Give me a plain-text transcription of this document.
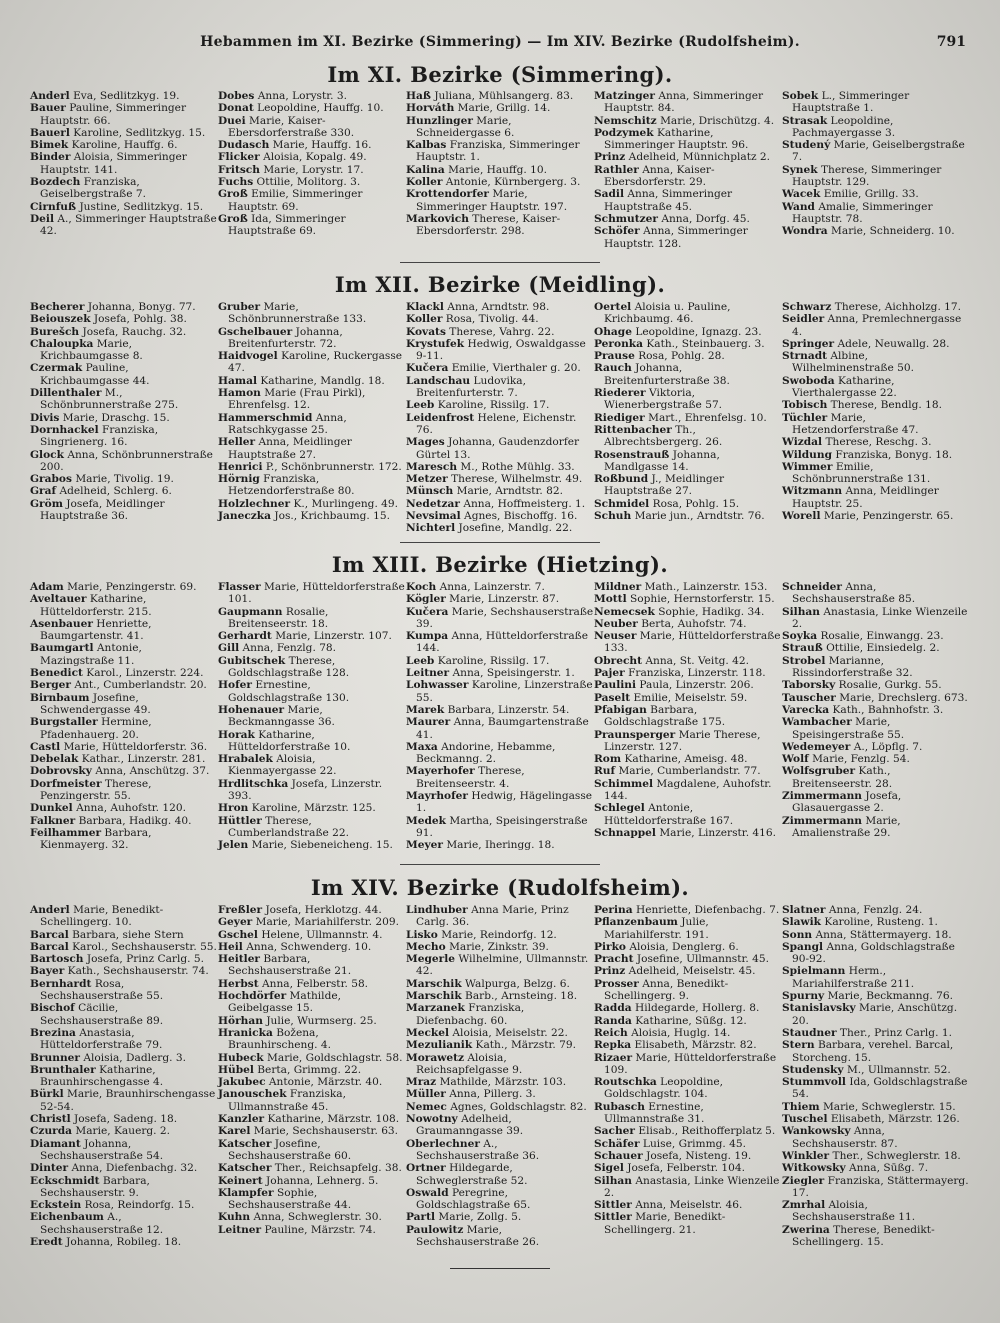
Hebammen im XI. Bezirke (Simmering) — Im XIV. Bezirke (Rudolfsheim).	791
Im XI. Bezirke (Simmering).
Anderl Eva, Sedlitzkyg. 19.
Bauer Pauline, Simmeringer Hauptstr. 66.
Bauerl Karoline, Sedlitzkyg. 15.
Bimek Karoline, Hauffg. 6.
Binder Aloisia, Simmeringer Hauptstr. 141.
Bozdech Franziska, Geiselbergstraße 7.
Cirnfuß Justine, Sedlitzkyg. 15.
Deil A., Simmeringer Hauptstraße 42.
Dobes Anna, Lorystr. 3.
Donat Leopoldine, Hauffg. 10.
Duei Marie, Kaiser-Ebersdorferstraße 330.
Dudasch Marie, Hauffg. 16.
Flicker Aloisia, Kopalg. 49.
Fritsch Marie, Lorystr. 17.
Fuchs Ottilie, Molitorg. 3.
Groß Emilie, Simmeringer Hauptstr. 69.
Groß Ida, Simmeringer Hauptstraße 69.
Haß Juliana, Mühlsangerg. 83.
Horváth Marie, Grillg. 14.
Hunzlinger Marie, Schneidergasse 6.
Kalbas Franziska, Simmeringer Hauptstr. 1.
Kalina Marie, Hauffg. 10.
Koller Antonie, Kürnbergerg. 3.
Krottendorfer Marie, Simmeringer Hauptstr. 197.
Markovich Therese, Kaiser-Ebersdorferstr. 298.
Matzinger Anna, Simmeringer Hauptstr. 84.
Nemschitz Marie, Drischützg. 4.
Podzymek Katharine, Simmeringer Hauptstr. 96.
Prinz Adelheid, Münnichplatz 2.
Rathler Anna, Kaiser-Ebersdorferstr. 29.
Sadil Anna, Simmeringer Hauptstraße 45.
Schmutzer Anna, Dorfg. 45.
Schöfer Anna, Simmeringer Hauptstr. 128.
Sobek L., Simmeringer Hauptstraße 1.
Strasak Leopoldine, Pachmayergasse 3.
Studený Marie, Geiselbergstraße 7.
Synek Therese, Simmeringer Hauptstr. 129.
Wacek Emilie, Grillg. 33.
Wand Amalie, Simmeringer Hauptstr. 78.
Wondra Marie, Schneiderg. 10.
Im XII. Bezirke (Meidling).
Becherer Johanna, Bonyg. 77.
Beiouszek Josefa, Pohlg. 38.
Burešch Josefa, Rauchg. 32.
Chaloupka Marie, Krichbaumgasse 8.
Czermak Pauline, Krichbaumgasse 44.
Dillenthaler M., Schönbrunnerstraße 275.
Divis Marie, Draschg. 15.
Dornhackel Franziska, Singrienerg. 16.
Glock Anna, Schönbrunnerstraße 200.
Grabos Marie, Tivolig. 19.
Graf Adelheid, Schlerg. 6.
Gröm Josefa, Meidlinger Hauptstraße 36.
Gruber Marie, Schönbrunnerstraße 133.
Gschelbauer Johanna, Breitenfurterstr. 72.
Haidvogel Karoline, Ruckergasse 47.
Hamal Katharine, Mandlg. 18.
Hamon Marie (Frau Pirkl), Ehrenfelsg. 12.
Hammerschmid Anna, Ratschkygasse 25.
Heller Anna, Meidlinger Hauptstraße 27.
Henrici P., Schönbrunnerstr. 172.
Hörnig Franziska, Hetzendorferstraße 80.
Holzlechner K., Murlingeng. 49.
Janeczka Jos., Krichbaumg. 15.
Klackl Anna, Arndtstr. 98.
Koller Rosa, Tivolig. 44.
Kovats Therese, Vahrg. 22.
Krystufek Hedwig, Oswaldgasse 9-11.
Kučera Emilie, Vierthaler g. 20.
Landschau Ludovika, Breitenfurterstr. 7.
Leeb Karoline, Rissilg. 17.
Leidenfrost Helene, Eichenstr. 76.
Mages Johanna, Gaudenzdorfer Gürtel 13.
Maresch M., Rothe Mühlg. 33.
Metzer Therese, Wilhelmstr. 49.
Münsch Marie, Arndtstr. 82.
Nedetzar Anna, Hoffmeisterg. 1.
Nevsimal Agnes, Bischoffg. 16.
Nichterl Josefine, Mandlg. 22.
Oertel Aloisia u. Pauline, Krichbaumg. 46.
Ohage Leopoldine, Ignazg. 23.
Peronka Kath., Steinbauerg. 3.
Prause Rosa, Pohlg. 28.
Rauch Johanna, Breitenfurterstraße 38.
Riederer Viktoria, Wienerbergstraße 57.
Riediger Mart., Ehrenfelsg. 10.
Rittenbacher Th., Albrechtsbergerg. 26.
Rosenstrauß Johanna, Mandlgasse 14.
Roßbund J., Meidlinger Hauptstraße 27.
Schmidel Rosa, Pohlg. 15.
Schuh Marie jun., Arndtstr. 76.
Schwarz Therese, Aichholzg. 17.
Seidler Anna, Premlechnergasse 4.
Springer Adele, Neuwallg. 28.
Strnadt Albine, Wilhelminenstraße 50.
Swoboda Katharine, Vierthalergasse 22.
Tobisch Therese, Bendlg. 18.
Tüchler Marie, Hetzendorferstraße 47.
Wizdal Therese, Reschg. 3.
Wildung Franziska, Bonyg. 18.
Wimmer Emilie, Schönbrunnerstraße 131.
Witzmann Anna, Meidlinger Hauptstr. 25.
Worell Marie, Penzingerstr. 65.
Im XIII. Bezirke (Hietzing).
Adam Marie, Penzingerstr. 69.
Aveltauer Katharine, Hütteldorferstr. 215.
Asenbauer Henriette, Baumgartenstr. 41.
Baumgartl Antonie, Mazingstraße 11.
Benedict Karol., Linzerstr. 224.
Berger Ant., Cumberlandstr. 20.
Birnbaum Josefine, Schwendergasse 49.
Burgstaller Hermine, Pfadenhauerg. 20.
Castl Marie, Hütteldorferstr. 36.
Debelak Kathar., Linzerstr. 281.
Dobrovsky Anna, Anschützg. 37.
Dorfmeister Therese, Penzingerstr. 55.
Dunkel Anna, Auhofstr. 120.
Falkner Barbara, Hadikg. 40.
Feilhammer Barbara, Kienmayerg. 32.
Flasser Marie, Hütteldorferstraße 101.
Gaupmann Rosalie, Breitenseerstr. 18.
Gerhardt Marie, Linzerstr. 107.
Gill Anna, Fenzlg. 78.
Gubitschek Therese, Goldschlagstraße 128.
Hofer Ernestine, Goldschlagstraße 130.
Hohenauer Marie, Beckmanngasse 36.
Horak Katharine, Hütteldorferstraße 10.
Hrabalek Aloisia, Kienmayergasse 22.
Hrdlitschka Josefa, Linzerstr. 393.
Hron Karoline, Märzstr. 125.
Hüttler Therese, Cumberlandstraße 22.
Jelen Marie, Siebeneicheng. 15.
Koch Anna, Lainzerstr. 7.
Kögler Marie, Linzerstr. 87.
Kučera Marie, Sechshauserstraße 39.
Kumpa Anna, Hütteldorferstraße 144.
Leeb Karoline, Rissilg. 17.
Leitner Anna, Speisingerstr. 1.
Lohwasser Karoline, Linzerstraße 55.
Marek Barbara, Linzerstr. 54.
Maurer Anna, Baumgartenstraße 41.
Maxa Andorine, Hebamme, Beckmanng. 2.
Mayerhofer Therese, Breitenseerstr. 4.
Mayrhofer Hedwig, Hägelingasse 1.
Medek Martha, Speisingerstraße 91.
Meyer Marie, Iheringg. 18.
Mildner Math., Lainzerstr. 153.
Mottl Sophie, Hernstorferstr. 15.
Nemecsek Sophie, Hadikg. 34.
Neuber Berta, Auhofstr. 74.
Neuser Marie, Hütteldorferstraße 133.
Obrecht Anna, St. Veitg. 42.
Pajer Franziska, Linzerstr. 118.
Paulini Paula, Linzerstr. 206.
Paselt Emilie, Meiselstr. 59.
Pfabigan Barbara, Goldschlagstraße 175.
Praunsperger Marie Therese, Linzerstr. 127.
Rom Katharine, Ameisg. 48.
Ruf Marie, Cumberlandstr. 77.
Schimmel Magdalene, Auhofstr. 144.
Schlegel Antonie, Hütteldorferstraße 167.
Schnappel Marie, Linzerstr. 416.
Schneider Anna, Sechshauserstraße 85.
Silhan Anastasia, Linke Wienzeile 2.
Soyka Rosalie, Einwangg. 23.
Strauß Ottilie, Einsiedelg. 2.
Strobel Marianne, Rissindorferstraße 32.
Taborsky Rosalie, Gurkg. 55.
Tauscher Marie, Drechslerg. 673.
Varecka Kath., Bahnhofstr. 3.
Wambacher Marie, Speisingerstraße 55.
Wedemeyer A., Löpflg. 7.
Wolf Marie, Fenzlg. 54.
Wolfsgruber Kath., Breitenseerstr. 28.
Zimmermann Josefa, Glasauergasse 2.
Zimmermann Marie, Amalienstraße 29.
Im XIV. Bezirke (Rudolfsheim).
Anderl Marie, Benedikt-Schellingerg. 10.
Barcal Barbara, siehe Stern
Barcal Karol., Sechshauserstr. 55.
Bartosch Josefa, Prinz Carlg. 5.
Bayer Kath., Sechshauserstr. 74.
Bernhardt Rosa, Sechshauserstraße 55.
Bischof Cäcilie, Sechshauserstraße 89.
Brezina Anastasia, Hütteldorferstraße 79.
Brunner Aloisia, Dadlerg. 3.
Brunthaler Katharine, Braunhirschengasse 4.
Bürkl Marie, Braunhirschengasse 52-54.
Christl Josefa, Sadeng. 18.
Czurda Marie, Kauerg. 2.
Diamant Johanna, Sechshauserstraße 54.
Dinter Anna, Diefenbachg. 32.
Eckschmidt Barbara, Sechshauserstr. 9.
Eckstein Rosa, Reindorfg. 15.
Eichenbaum A., Sechshauserstraße 12.
Eredt Johanna, Robileg. 18.
Freßler Josefa, Herklotzg. 44.
Geyer Marie, Mariahilferstr. 209.
Gschel Helene, Ullmannstr. 4.
Heil Anna, Schwenderg. 10.
Heitler Barbara, Sechshauserstraße 21.
Herbst Anna, Felberstr. 58.
Hochdörfer Mathilde, Geibelgasse 15.
Hörhan Julie, Wurmserg. 25.
Hranicka Božena, Braunhirscheng. 4.
Hubeck Marie, Goldschlagstr. 58.
Hübel Berta, Grimmg. 22.
Jakubec Antonie, Märzstr. 40.
Janouschek Franziska, Ullmannstraße 45.
Kanzler Katharine, Märzstr. 108.
Karel Marie, Sechshauserstr. 63.
Katscher Josefine, Sechshauserstraße 60.
Katscher Ther., Reichsapfelg. 38.
Keinert Johanna, Lehnerg. 5.
Klampfer Sophie, Sechshauserstraße 44.
Kuhn Anna, Schweglerstr. 30.
Leitner Pauline, Märzstr. 74.
Lindhuber Anna Marie, Prinz Carlg. 36.
Lisko Marie, Reindorfg. 12.
Mecho Marie, Zinkstr. 39.
Megerle Wilhelmine, Ullmannstr. 42.
Marschik Walpurga, Belzg. 6.
Marschik Barb., Arnsteing. 18.
Marzanek Franziska, Diefenbachg. 60.
Meckel Aloisia, Meiselstr. 22.
Mezulianik Kath., Märzstr. 79.
Morawetz Aloisia, Reichsapfelgasse 9.
Mraz Mathilde, Märzstr. 103.
Müller Anna, Pillerg. 3.
Nemec Agnes, Goldschlagstr. 82.
Nowotny Adelheid, Graumanngasse 39.
Oberlechner A., Sechshauserstraße 36.
Ortner Hildegarde, Schweglerstraße 52.
Oswald Peregrine, Goldschlagstraße 65.
Partl Marie, Zollg. 5.
Paulowitz Marie, Sechshauserstraße 26.
Perina Henriette, Diefenbachg. 7.
Pflanzenbaum Julie, Mariahilferstr. 191.
Pirko Aloisia, Denglerg. 6.
Pracht Josefine, Ullmannstr. 45.
Prinz Adelheid, Meiselstr. 45.
Prosser Anna, Benedikt-Schellingerg. 9.
Radda Hildegarde, Hollerg. 8.
Randa Katharine, Sūßg. 12.
Reich Aloisia, Huglg. 14.
Repka Elisabeth, Märzstr. 82.
Rizaer Marie, Hütteldorferstraße 109.
Routschka Leopoldine, Goldschlagstr. 104.
Rubasch Ernestine, Ullmannstraße 31.
Sacher Elisab., Reithofferplatz 5.
Schäfer Luise, Grimmg. 45.
Schauer Josefa, Nisteng. 19.
Sigel Josefa, Felberstr. 104.
Silhan Anastasia, Linke Wienzeile 2.
Sittler Anna, Meiselstr. 46.
Sittler Marie, Benedikt-Schellingerg. 21.
Slatner Anna, Fenzlg. 24.
Slawik Karoline, Rusteng. 1.
Sonn Anna, Stättermayerg. 18.
Spangl Anna, Goldschlagstraße 90-92.
Spielmann Herm., Mariahilferstraße 211.
Spurny Marie, Beckmanng. 76.
Stanislavsky Marie, Anschützg. 20.
Staudner Ther., Prinz Carlg. 1.
Stern Barbara, verehel. Barcal, Storcheng. 15.
Studensky M., Ullmannstr. 52.
Stummvoll Ida, Goldschlagstraße 54.
Thiem Marie, Schweglerstr. 15.
Tuschel Elisabeth, Märzstr. 126.
Wankowsky Anna, Sechshauserstr. 87.
Winkler Ther., Schweglerstr. 18.
Witkowsky Anna, Sūßg. 7.
Ziegler Franziska, Stättermayerg. 17.
Zmrhal Aloisia, Sechshauserstraße 11.
Zwerina Therese, Benedikt-Schellingerg. 15.
